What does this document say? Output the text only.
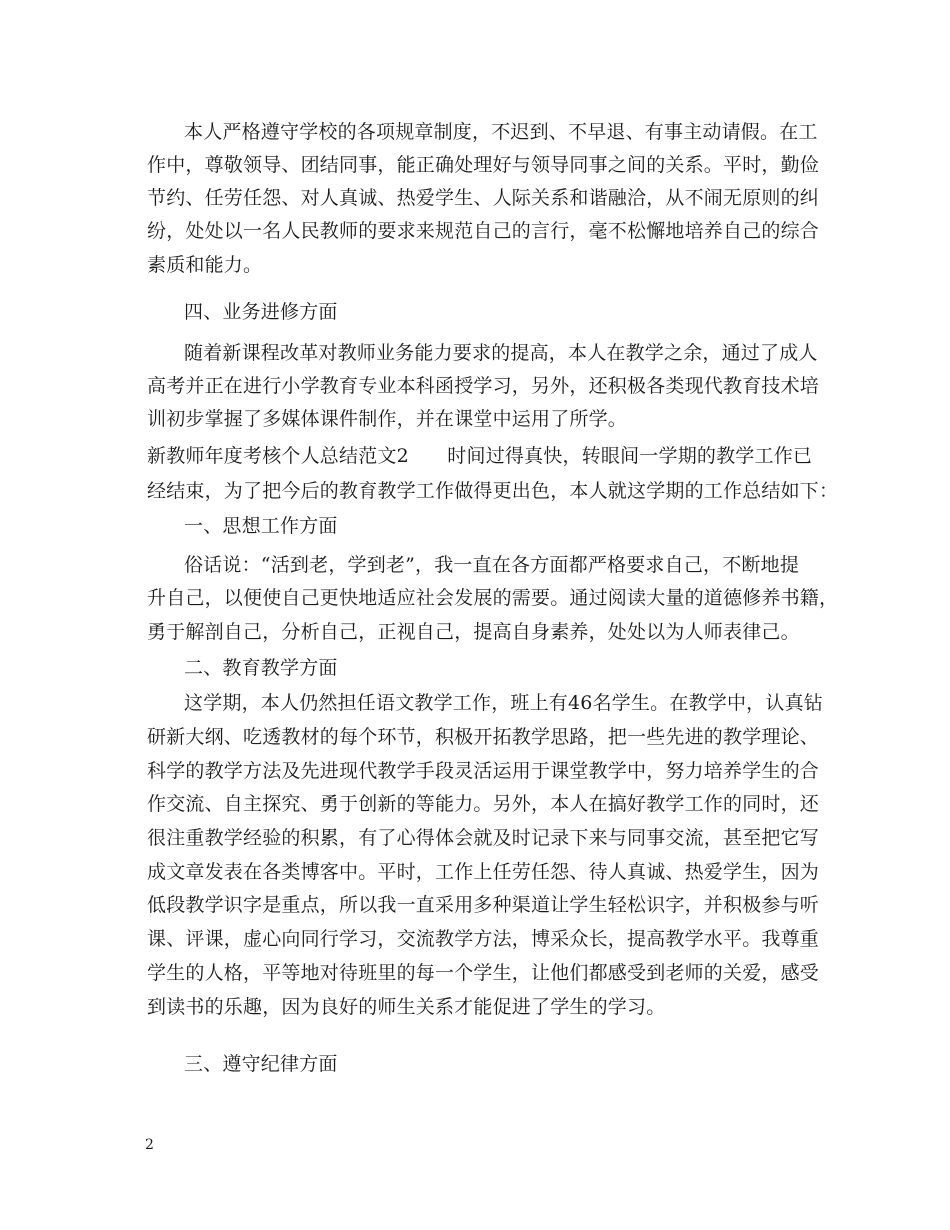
本人严格遵守学校的各项规章制度，不迟到、不早退、有事主动请假。在工
作中，尊敬领导、团结同事，能正确处理好与领导同事之间的关系。平时，勤俭
节约、任劳任怨、对人真诚、热爱学生、人际关系和谐融洽，从不闹无原则的纠
纷，处处以一名人民教师的要求来规范自己的言行，毫不松懈地培养自己的综合
素质和能力。
四、业务进修方面
随着新课程改革对教师业务能力要求的提高，本人在教学之余，通过了成人
高考并正在进行小学教育专业本科函授学习，另外，还积极各类现代教育技术培
训初步掌握了多媒体课件制作，并在课堂中运用了所学。
新教师年度考核个人总结范文2　　时间过得真快，转眼间一学期的教学工作已
经结束，为了把今后的教育教学工作做得更出色，本人就这学期的工作总结如下：
一、思想工作方面
俗话说：“活到老，学到老”，我一直在各方面都严格要求自己，不断地提
升自己，以便使自己更快地适应社会发展的需要。通过阅读大量的道德修养书籍，
勇于解剖自己，分析自己，正视自己，提高自身素养，处处以为人师表律己。
二、教育教学方面
这学期，本人仍然担任语文教学工作，班上有46名学生。在教学中，认真钻
研新大纲、吃透教材的每个环节，积极开拓教学思路，把一些先进的教学理论、
科学的教学方法及先进现代教学手段灵活运用于课堂教学中，努力培养学生的合
作交流、自主探究、勇于创新的等能力。另外，本人在搞好教学工作的同时，还
很注重教学经验的积累，有了心得体会就及时记录下来与同事交流，甚至把它写
成文章发表在各类博客中。平时，工作上任劳任怨、待人真诚、热爱学生，因为
低段教学识字是重点，所以我一直采用多种渠道让学生轻松识字，并积极参与听
课、评课，虚心向同行学习，交流教学方法，博采众长，提高教学水平。我尊重
学生的人格，平等地对待班里的每一个学生，让他们都感受到老师的关爱，感受
到读书的乐趣，因为良好的师生关系才能促进了学生的学习。
三、遵守纪律方面
2
